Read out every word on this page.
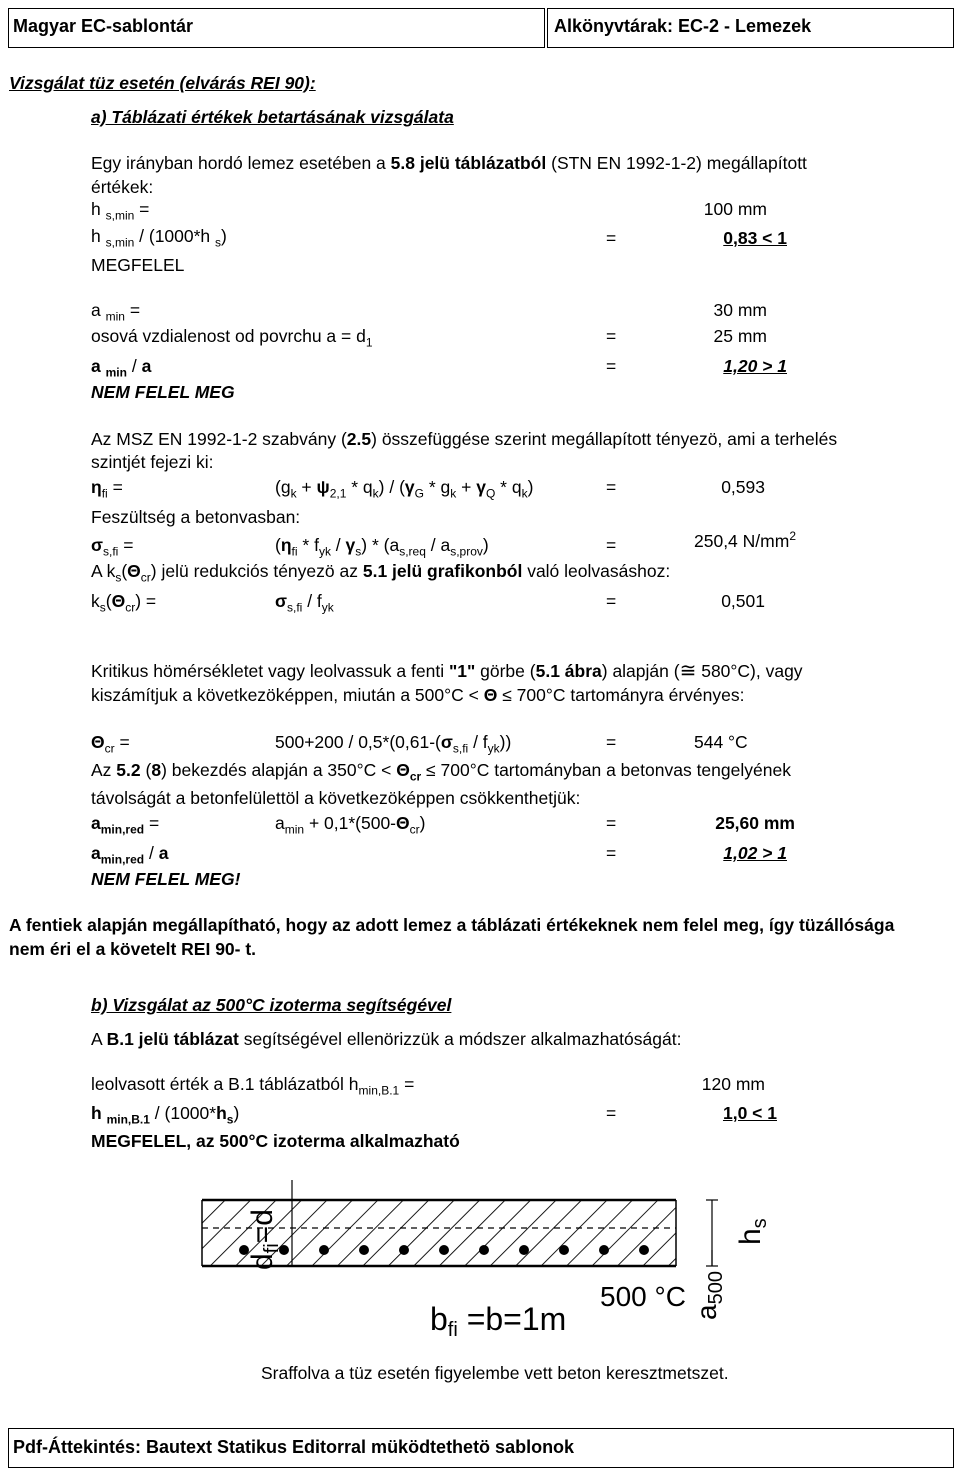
Magyar EC-sablontár	Alkönyvtárak: EC-2 - Lemezek
Vizsgálat tüz esetén (elvárás REI 90):
a) Táblázati értékek betartásának vizsgálata
Egy irányban hordó lemez esetében a 5.8 jelü táblázatból (STN EN 1992-1-2) megállapított
értékek:
h $_{s,min}$ =	100 mm
h $_{s,min}$ / (1000*h $_s$)	=	0,83 < 1
MEGFELEL
a $_{min}$ =	30 mm
osová vzdialenost od povrchu $a = d_1$	=	25 mm
a $_{min}$ / a	=	1,20 > 1
NEM FELEL MEG
Az MSZ EN 1992-1-2 szabvány (2.5) összefüggése szerint megállapított tényezö, ami a terhelés
szintjét fejezi ki:
$\eta_{fi}$ =	$(g_k + \psi_{2,1} * q_k) / (\gamma_G * g_k + \gamma_Q * q_k)$	=	0,593
Feszültség a betonvasban:
$\sigma_{s,fi}$ =	$(\eta_{fi} * f_{yk} / \gamma_s) * (a_{s,req} / a_{s,prov})$	=	250,4 $N/mm^2$
A $k_s(\Theta_{cr})$ jelü redukciós tényezö az 5.1 jelü grafikonból való leolvasáshoz:
$k_s(\Theta_{cr})$ =	$\sigma_{s,fi} / f_{yk}$	=	0,501
Kritikus hömérsékletet vagy leolvassuk a fenti "1" görbe (5.1 ábra) alapján (≅ 580°C), vagy
kiszámítjuk a következöképpen, miután a 500°C < Θ ≤ 700°C tartományra érvényes:
$\Theta_{cr}$ =	$500+200 / 0,5*(0,61-(\sigma_{s,fi} / f_{yk}))$	=	544 °C
Az 5.2 (8) bekezdés alapján a $350^\circ C < \Theta_{cr} \le 700^\circ C$ tartományban a betonvas tengelyének
távolságát a betonfelülettöl a következöképpen csökkenthetjük:
$a_{min,red}$ =	$a_{min} + 0,1*(500-\Theta_{cr})$	=	25,60 mm
$a_{min,red}$ / a	=	1,02 > 1
NEM FELEL MEG!
A fentiek alapján megállapítható, hogy az adott lemez a táblázati értékeknek nem felel meg, így tüzállósága nem éri el a követelt REI 90- t.
b) Vizsgálat az 500°C izoterma segítségével
A B.1 jelü táblázat segítségével ellenörizzük a módszer alkalmazhatóságát:
leolvasott érték a B.1 táblázatból $h_{min,B.1}$ =	120 mm
h $_{min,B.1} / (1000*h_s)$	=	1,0 < 1
MEGFELEL, az 500°C izoterma alkalmazható
$d_{fi}=d$	$h_s$
$a_{500}$
500 °C
bfi =b=1m
Sraffolva a tüz esetén figyelembe vett beton keresztmetszet.
Pdf-Áttekintés: Bautext Statikus Editorral müködtethetö sablonok
